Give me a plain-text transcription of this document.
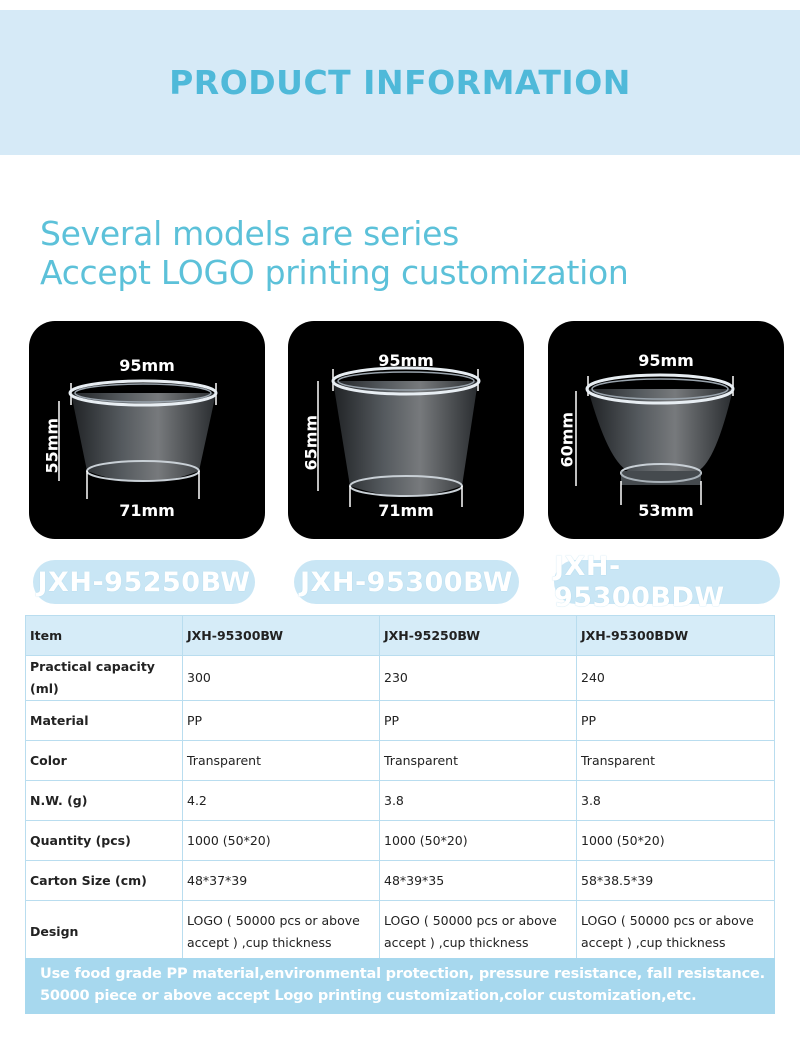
PRODUCT INFORMATION
Several models are series
Accept LOGO printing customization
95mm
71mm
55mm
95mm
71mm
65mm
95mm
53mm
60mm
JXH-95250BW JXH-95300BW JXH-95300BDW
Item	JXH-95300BW	JXH-95250BW	JXH-95300BDW
Practical capacity (ml)	300	230	240
Material	PP	PP	PP
Color	Transparent	Transparent	Transparent
N.W. (g)	4.2	3.8	3.8
Quantity (pcs)	1000 (50*20)	1000 (50*20)	1000 (50*20)
Carton Size (cm)	48*37*39	48*39*35	58*38.5*39
Design	LOGO ( 50000 pcs or above accept ) ,cup thickness	LOGO ( 50000 pcs or above accept ) ,cup thickness	LOGO ( 50000 pcs or above accept ) ,cup thickness

Use food grade PP material,environmental protection, pressure resistance, fall resistance.

50000 piece or above accept Logo printing customization,color customization,etc.
